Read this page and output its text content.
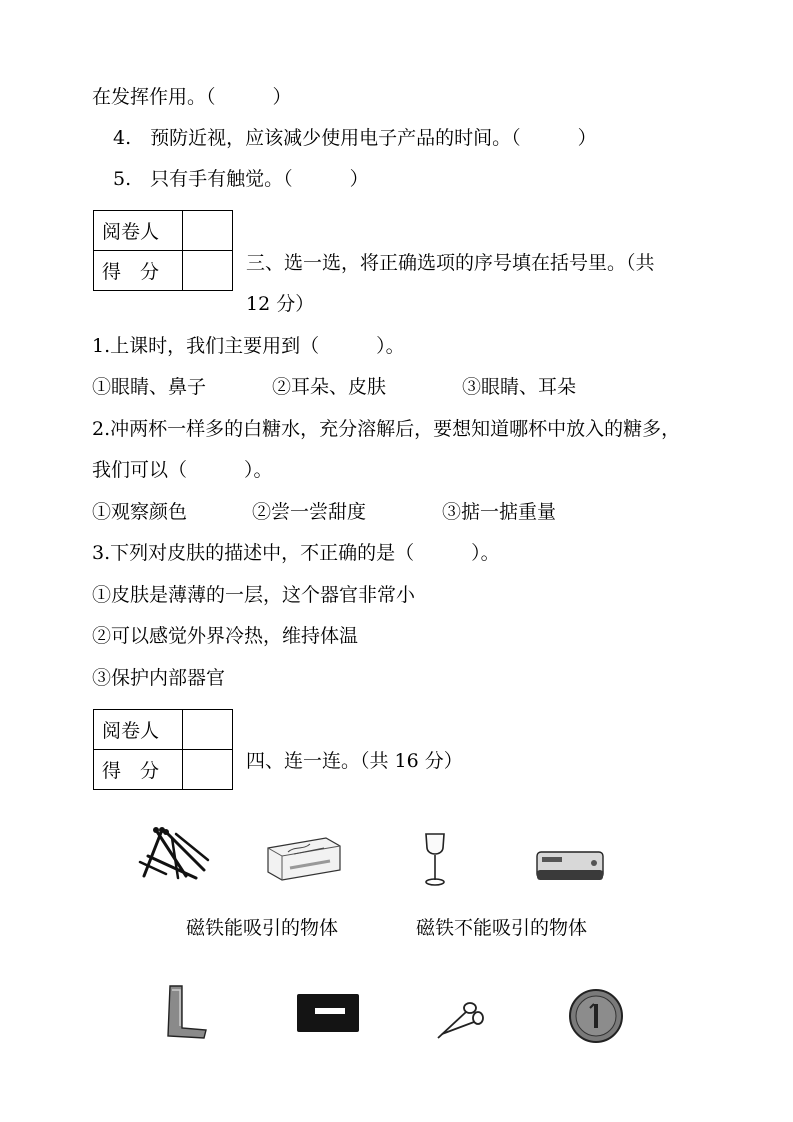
在发挥作用。（　　　）
4.　预防近视，应该减少使用电子产品的时间。（　　　）
5.　只有手有触觉。（　　　）
阅卷人	
得　分		三、选一选，将正确选项的序号填在括号里。（共
12 分）
1.上课时，我们主要用到（　　　）。
①眼睛、鼻子	②耳朵、皮肤	③眼睛、耳朵
2.冲两杯一样多的白糖水，充分溶解后，要想知道哪杯中放入的糖多，
我们可以（　　　）。
①观察颜色	②尝一尝甜度	③掂一掂重量
3.下列对皮肤的描述中，不正确的是（　　　）。
①皮肤是薄薄的一层，这个器官非常小
②可以感觉外界冷热，维持体温
③保护内部器官
阅卷人	
得　分		四、连一连。（共 16 分）
磁铁能吸引的物体	磁铁不能吸引的物体
